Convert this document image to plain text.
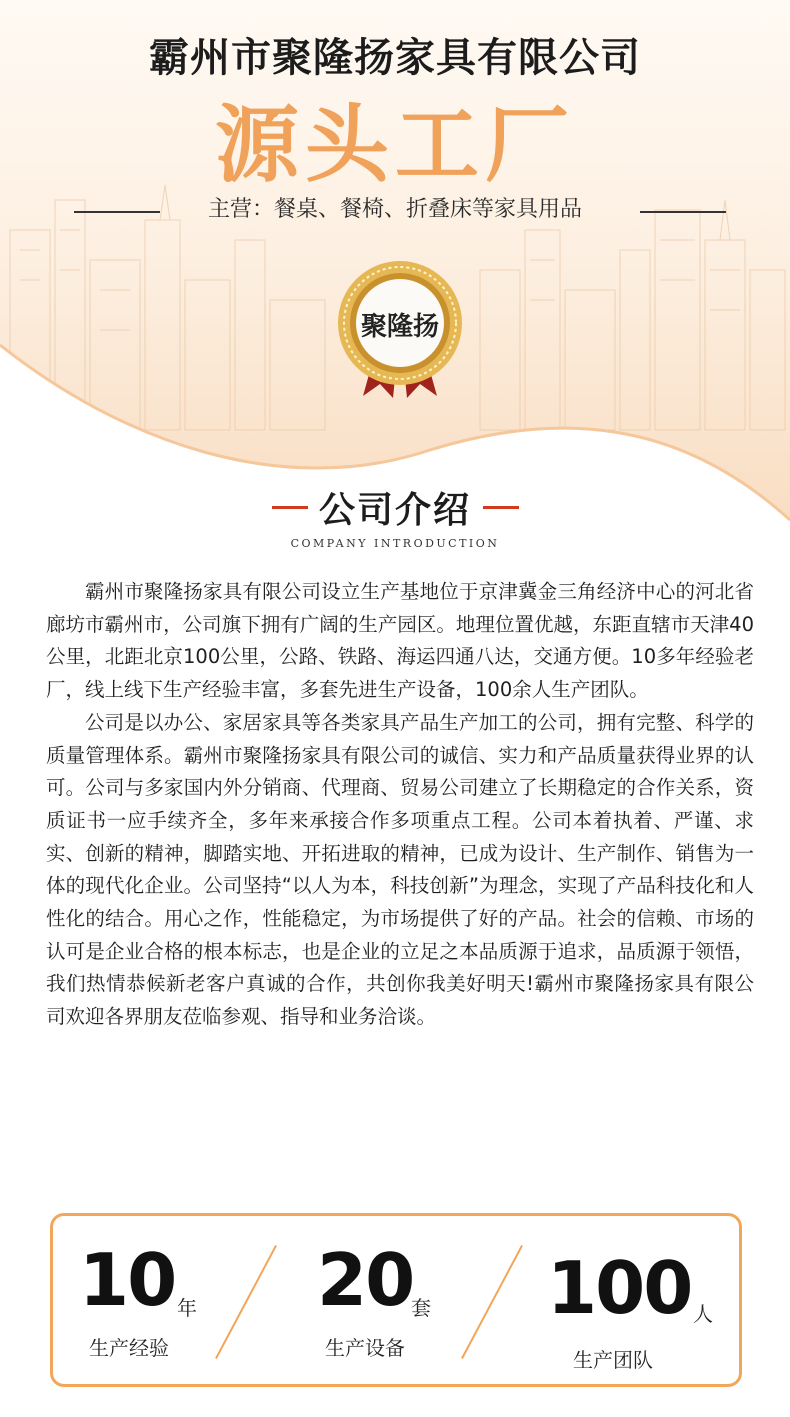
霸州市聚隆扬家具有限公司
源头工厂
主营：餐桌、餐椅、折叠床等家具用品
聚隆扬
公司介绍
COMPANY INTRODUCTION

霸州市聚隆扬家具有限公司设立生产基地位于京津冀金三角经济中心的河北省廊坊市霸州市，公司旗下拥有广阔的生产园区。地理位置优越，东距直辖市天津40公里，北距北京100公里，公路、铁路、海运四通八达，交通方便。10多年经验老厂，线上线下生产经验丰富，多套先进生产设备，100余人生产团队。

公司是以办公、家居家具等各类家具产品生产加工的公司，拥有完整、科学的质量管理体系。霸州市聚隆扬家具有限公司的诚信、实力和产品质量获得业界的认可。公司与多家国内外分销商、代理商、贸易公司建立了长期稳定的合作关系，资质证书一应手续齐全，多年来承接合作多项重点工程。公司本着执着、严谨、求实、创新的精神，脚踏实地、开拓进取的精神，已成为设计、生产制作、销售为一体的现代化企业。公司坚持“以人为本，科技创新”为理念，实现了产品科技化和人性化的结合。用心之作，性能稳定，为市场提供了好的产品。社会的信赖、市场的认可是企业合格的根本标志，也是企业的立足之本品质源于追求，品质源于领悟，我们热情恭候新老客户真诚的合作，共创你我美好明天!霸州市聚隆扬家具有限公司欢迎各界朋友莅临参观、指导和业务洽谈。

10 年
生产经验
20
套
生产设备
100 人
生产团队
